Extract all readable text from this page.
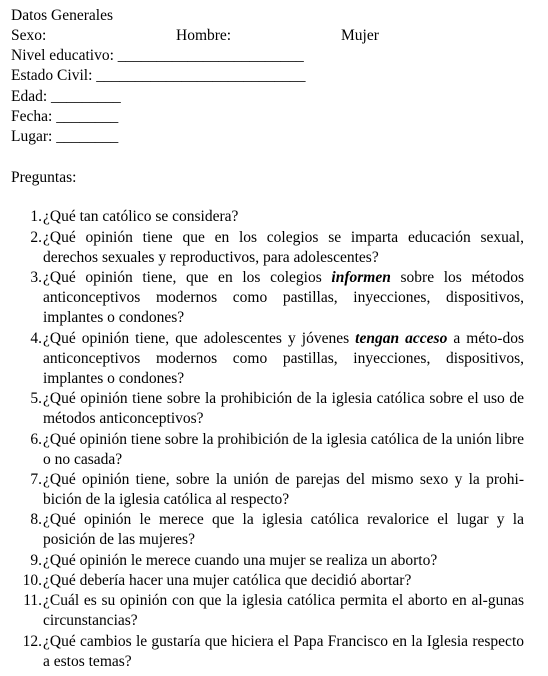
Datos Generales
Sexo:	Hombre:	Mujer
Nivel educativo: ________________________
Estado Civil: ___________________________
Edad: _________
Fecha: ________
Lugar: ________
Preguntas:
1. ¿Qué tan católico se considera?
2. ¿Qué opinión tiene que en los colegios se imparta educación sexual, derechos sexuales y reproductivos, para adolescentes?
3. ¿Qué opinión tiene, que en los colegios informen sobre los métodos anticonceptivos modernos como pastillas, inyecciones, dispositivos, implantes o condones?
4. ¿Qué opinión tiene, que adolescentes y jóvenes tengan acceso a méto-dos anticonceptivos modernos como pastillas, inyecciones, dispositivos, implantes o condones?
5. ¿Qué opinión tiene sobre la prohibición de la iglesia católica sobre el uso de métodos anticonceptivos?
6. ¿Qué opinión tiene sobre la prohibición de la iglesia católica de la unión libre o no casada?
7. ¿Qué opinión tiene, sobre la unión de parejas del mismo sexo y la prohi-bición de la iglesia católica al respecto?
8. ¿Qué opinión le merece que la iglesia católica revalorice el lugar y la posición de las mujeres?
9. ¿Qué opinión le merece cuando una mujer se realiza un aborto?
10. ¿Qué debería hacer una mujer católica que decidió abortar?
11. ¿Cuál es su opinión con que la iglesia católica permita el aborto en al-gunas circunstancias?
12. ¿Qué cambios le gustaría que hiciera el Papa Francisco en la Iglesia respecto a estos temas?
